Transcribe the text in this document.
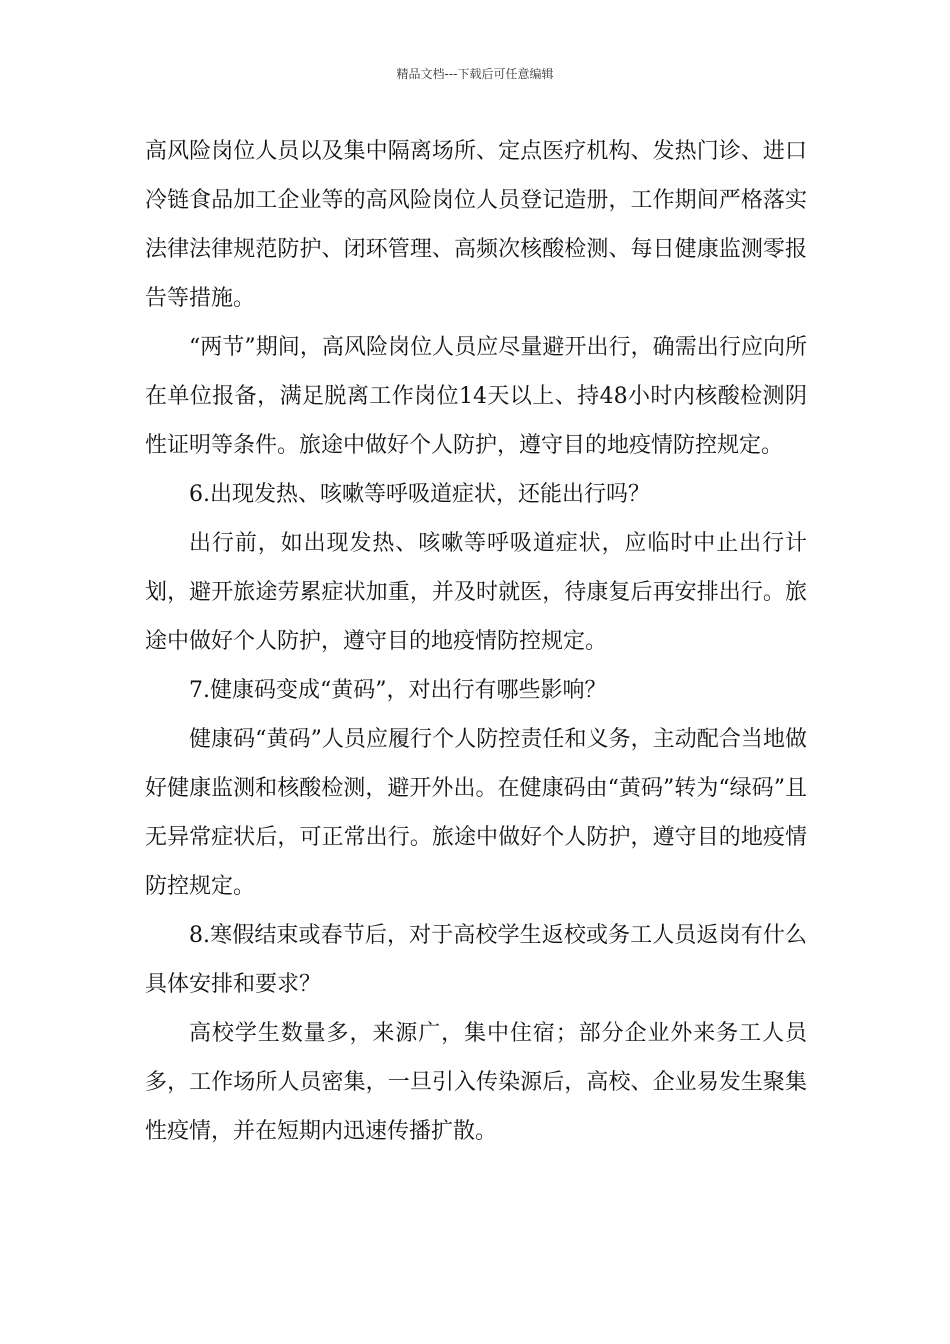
精品文档---下载后可任意编辑

高风险岗位人员以及集中隔离场所、定点医疗机构、发热门诊、进口冷链食品加工企业等的高风险岗位人员登记造册，工作期间严格落实法律法律规范防护、闭环管理、高频次核酸检测、每日健康监测零报告等措施。

“两节”期间，高风险岗位人员应尽量避开出行，确需出行应向所在单位报备，满足脱离工作岗位14天以上、持48小时内核酸检测阴性证明等条件。旅途中做好个人防护，遵守目的地疫情防控规定。

6.出现发热、咳嗽等呼吸道症状，还能出行吗？

出行前，如出现发热、咳嗽等呼吸道症状，应临时中止出行计划，避开旅途劳累症状加重，并及时就医，待康复后再安排出行。旅途中做好个人防护，遵守目的地疫情防控规定。

7.健康码变成“黄码”，对出行有哪些影响？

健康码“黄码”人员应履行个人防控责任和义务，主动配合当地做好健康监测和核酸检测，避开外出。在健康码由“黄码”转为“绿码”且无异常症状后，可正常出行。旅途中做好个人防护，遵守目的地疫情防控规定。

8.寒假结束或春节后，对于高校学生返校或务工人员返岗有什么具体安排和要求？

高校学生数量多，来源广，集中住宿；部分企业外来务工人员多，工作场所人员密集，一旦引入传染源后，高校、企业易发生聚集性疫情，并在短期内迅速传播扩散。
